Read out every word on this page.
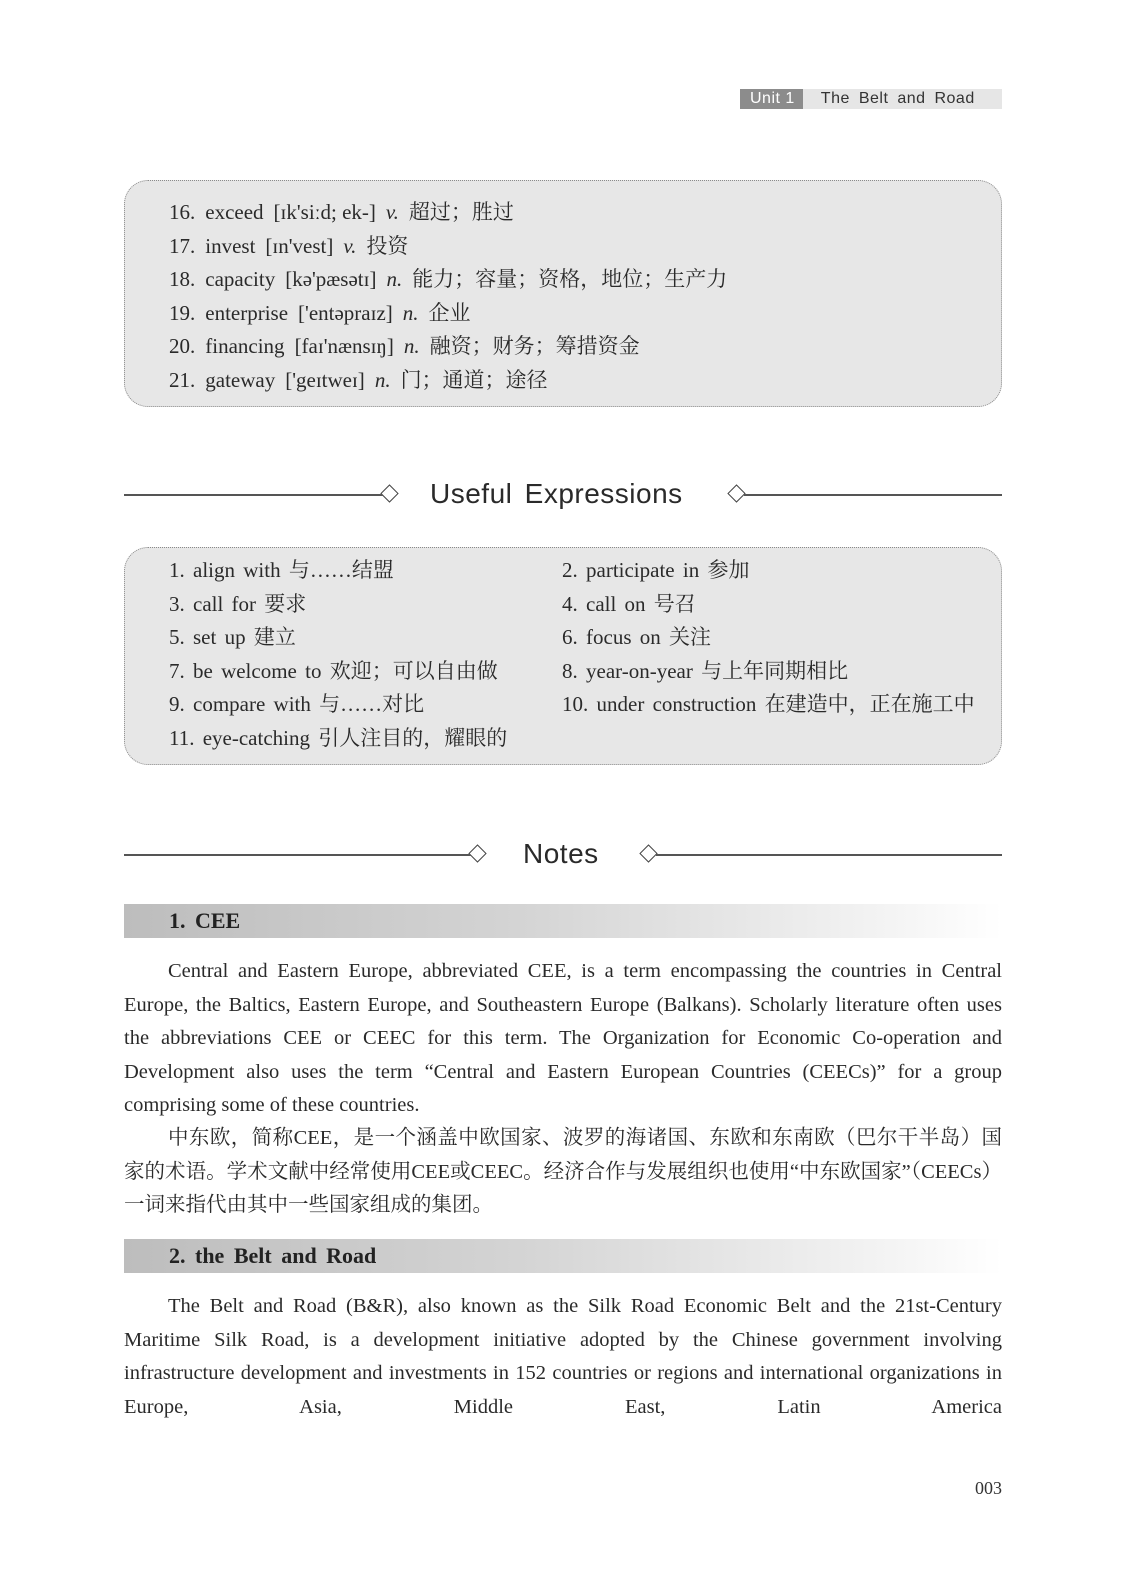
Unit 1	The Belt and Road
16. exceed [ɪk'siːd; ek-] v. 超过；胜过
17. invest [ɪn'vest] v. 投资
18. capacity [kə'pæsətɪ] n. 能力；容量；资格，地位；生产力
19. enterprise ['entəpraɪz] n. 企业
20. financing [faɪ'nænsɪŋ] n. 融资；财务；筹措资金
21. gateway ['geɪtweɪ] n. 门；通道；途径
Useful Expressions
1. align with 与……结盟	2. participate in 参加
3. call for 要求	4. call on 号召
5. set up 建立	6. focus on 关注
7. be welcome to 欢迎；可以自由做	8. year-on-year 与上年同期相比
9. compare with 与……对比	10. under construction 在建造中，正在施工中
11. eye-catching 引人注目的，耀眼的
Notes
1. CEE

Central and Eastern Europe, abbreviated CEE, is a term encompassing the countries in Central Europe, the Baltics, Eastern Europe, and Southeastern Europe (Balkans). Scholarly literature often uses the abbreviations CEE or CEEC for this term. The Organization for Economic Co-operation and Development also uses the term “Central and Eastern European Countries (CEECs)” for a group comprising some of these countries.

中东欧，简称CEE，是一个涵盖中欧国家、波罗的海诸国、东欧和东南欧（巴尔干半岛）国家的术语。学术文献中经常使用CEE或CEEC。经济合作与发展组织也使用“中东欧国家”（CEECs）一词来指代由其中一些国家组成的集团。

2. the Belt and Road

The Belt and Road (B&R), also known as the Silk Road Economic Belt and the 21st-Century Maritime Silk Road, is a development initiative adopted by the Chinese government involving infrastructure development and investments in 152 countries or regions and international organizations in Europe, Asia, Middle East, Latin America

003
